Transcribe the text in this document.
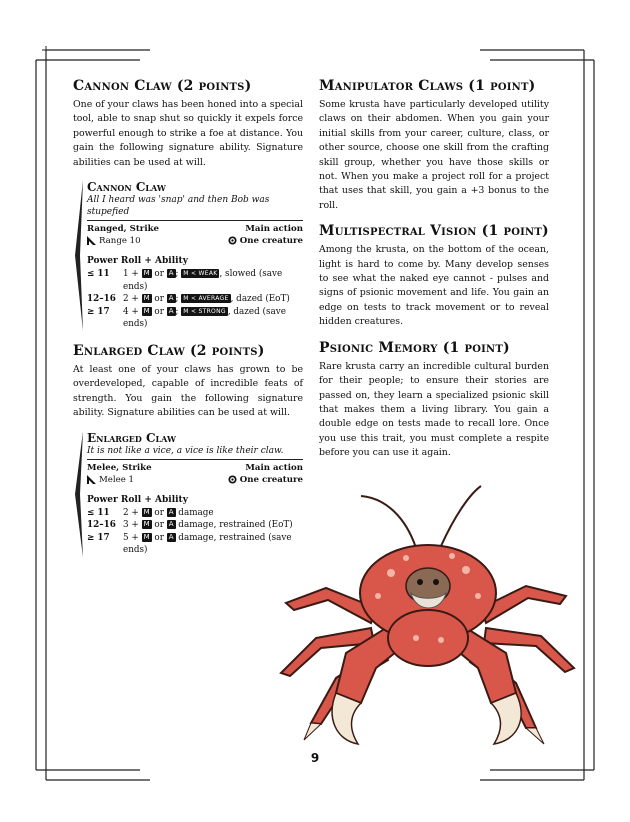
Cannon Claw (2 points)

One of your claws has been honed into a special tool, able to snap shut so quickly it expels force powerful enough to strike a foe at distance. You gain the following signature ability. Signature abilities can be used at will.

Cannon Claw
All I heard was 'snap' and then Bob was stupefied
Ranged, Strike	Main action
Range 10	One creature
Power Roll + Ability
≤ 11	1 + M or A ; M < WEAK , slowed (save ends)
12–16 2 + M or A ; M < AVERAGE , dazed (EoT)
≥ 17	4 + M or A ; M < STRONG , dazed (save ends)
Enlarged Claw (2 points)

At least one of your claws has grown to be overdeveloped, capable of incredible feats of strength. You gain the following signature ability. Signature abilities can be used at will.

Enlarged Claw
It is not like a vice, a vice is like their claw.
Melee, Strike	Main action
Melee 1	One creature
Power Roll + Ability
≤ 11	2 + M or A damage
12–16 3 + M or A damage, restrained (EoT)
≥ 17	5 + M or A damage, restrained (save ends)
Manipulator Claws (1 point)

Some krusta have particularly developed utility claws on their abdomen. When you gain your initial skills from your career, culture, class, or other source, choose one skill from the crafting skill group, whether you have those skills or not. When you make a project roll for a project that uses that skill, you gain a +3 bonus to the roll.

Multispectral Vision (1 point)

Among the krusta, on the bottom of the ocean, light is hard to come by. Many develop senses to see what the naked eye cannot - pulses and signs of psionic movement and life. You gain an edge on tests to track movement or to reveal hidden creatures.

Psionic Memory (1 point)

Rare krusta carry an incredible cultural burden for their people; to ensure their stories are passed on, they learn a specialized psionic skill that makes them a living library. You gain a double edge on tests made to recall lore. Once you use this trait, you must complete a respite before you can use it again.

9
